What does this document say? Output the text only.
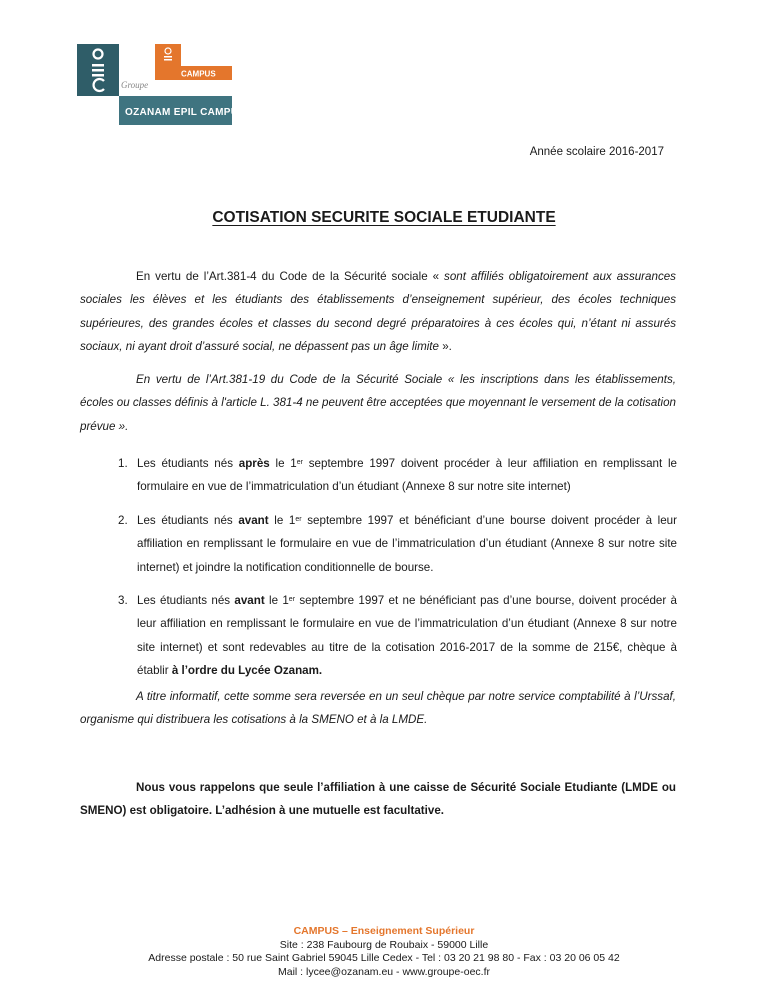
CAMPUS
Groupe
OZANAM EPIL CAMPUS
Année scolaire 2016-2017
COTISATION SECURITE SOCIALE ETUDIANTE
En vertu de l’Art.381-4 du Code de la Sécurité sociale « sont affiliés obligatoirement aux assurances sociales les élèves et les étudiants des établissements d’enseignement supérieur, des écoles techniques supérieures, des grandes écoles et classes du second degré préparatoires à ces écoles qui, n’étant ni assurés sociaux, ni ayant droit d’assuré social, ne dépassent pas un âge limite ».
En vertu de l’Art.381-19 du Code de la Sécurité Sociale « les inscriptions dans les établissements, écoles ou classes définis à l'article L. 381-4 ne peuvent être acceptées que moyennant le versement de la cotisation prévue ».
1. Les étudiants nés après le 1er septembre 1997 doivent procéder à leur affiliation en remplissant le formulaire en vue de l’immatriculation d’un étudiant (Annexe 8 sur notre site internet)
2. Les étudiants nés avant le 1er septembre 1997 et bénéficiant d’une bourse doivent procéder à leur affiliation en remplissant le formulaire en vue de l’immatriculation d’un étudiant (Annexe 8 sur notre site internet) et joindre la notification conditionnelle de bourse.
3. Les étudiants nés avant le 1er septembre 1997 et ne bénéficiant pas d’une bourse, doivent procéder à leur affiliation en remplissant le formulaire en vue de l’immatriculation d’un étudiant (Annexe 8 sur notre site internet) et sont redevables au titre de la cotisation 2016-2017 de la somme de 215€, chèque à établir à l’ordre du Lycée Ozanam.
A titre informatif, cette somme sera reversée en un seul chèque par notre service comptabilité à l’Urssaf, organisme qui distribuera les cotisations à la SMENO et à la LMDE.
Nous vous rappelons que seule l’affiliation à une caisse de Sécurité Sociale Etudiante (LMDE ou SMENO) est obligatoire. L’adhésion à une mutuelle est facultative.
CAMPUS – Enseignement Supérieur
Site : 238 Faubourg de Roubaix - 59000 Lille
Adresse postale : 50 rue Saint Gabriel 59045 Lille Cedex - Tel : 03 20 21 98 80 - Fax : 03 20 06 05 42
Mail : lycee@ozanam.eu - www.groupe-oec.fr
